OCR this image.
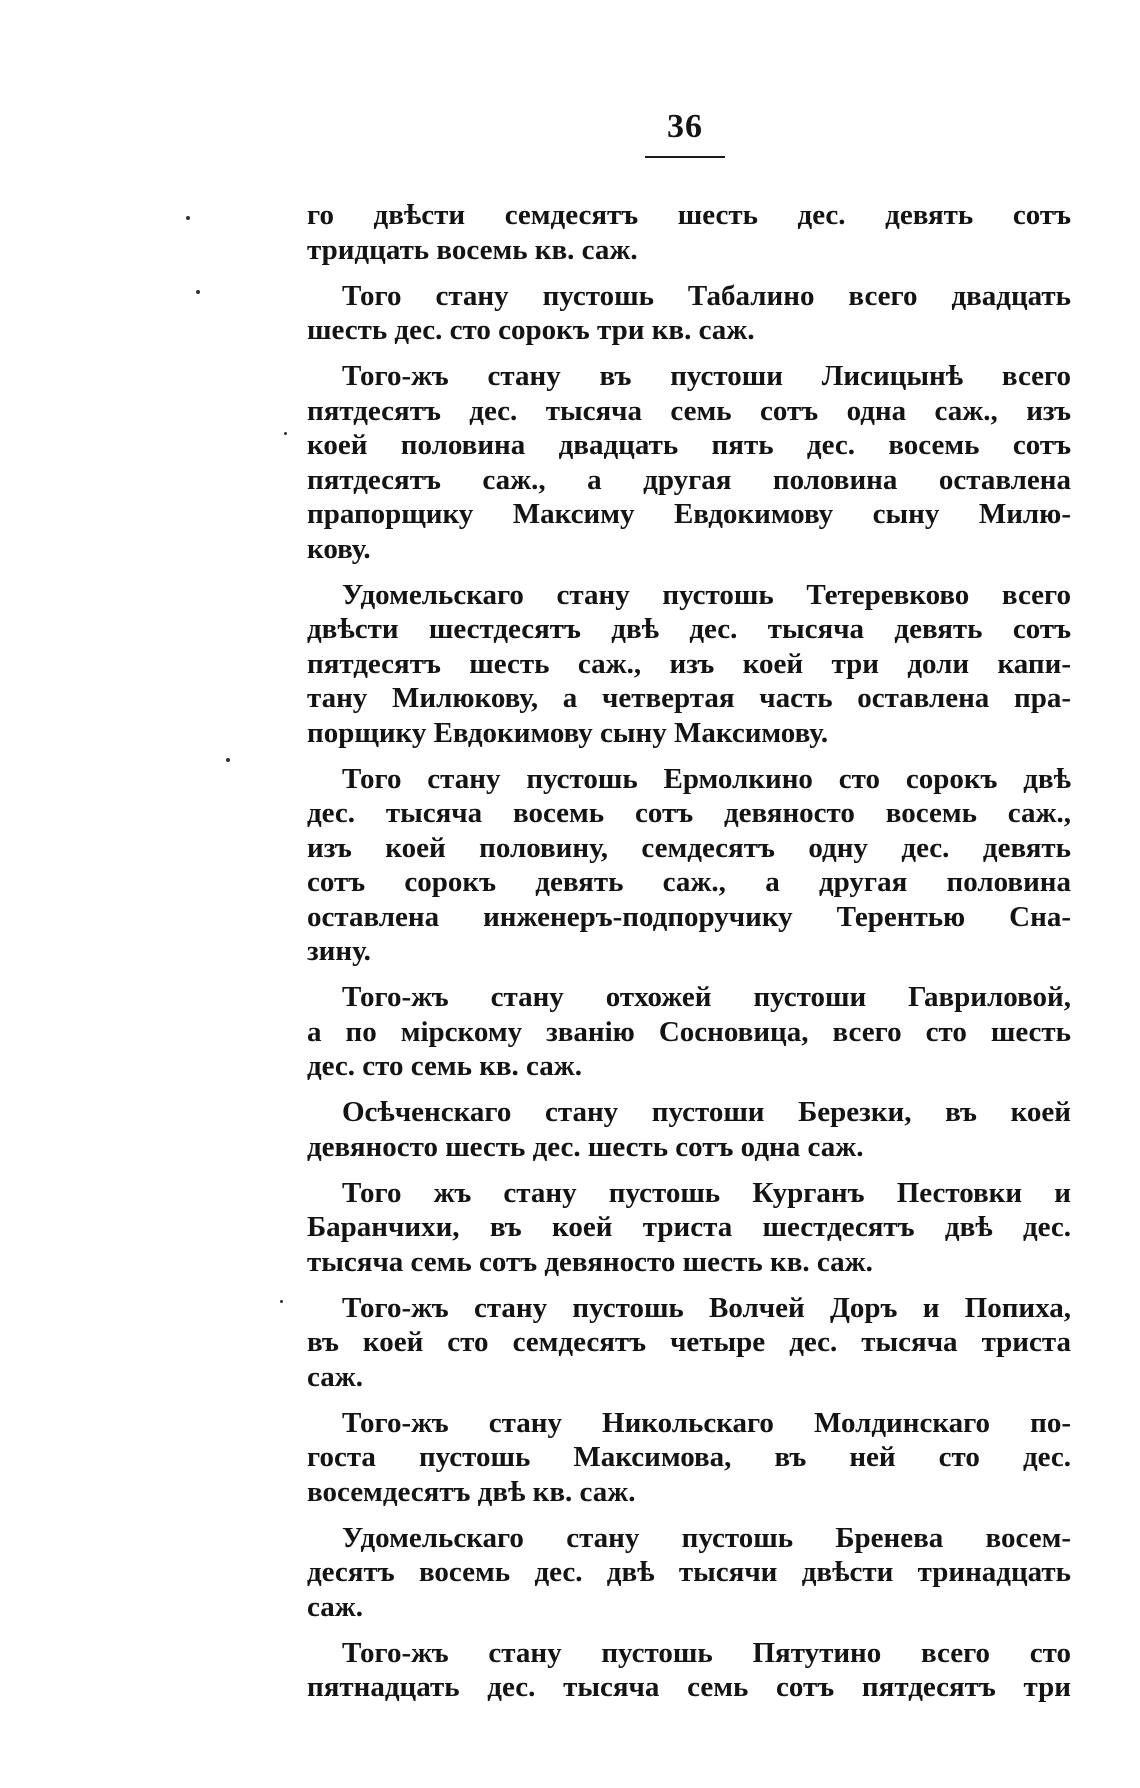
36
го двѣсти семдесятъ шесть дес. девять сотъ
тридцать восемь кв. саж.
Того стану пустошь Табалино всего двадцать
шесть дес. сто сорокъ три кв. саж.
Того-жъ стану въ пустоши Лисицынѣ всего
пятдесятъ дес. тысяча семь сотъ одна саж., изъ
коей половина двадцать пять дес. восемь сотъ
пятдесятъ саж., а другая половина оставлена
прапорщику Максиму Евдокимову сыну Милю-
кову.
Удомельскаго стану пустошь Тетеревково всего
двѣсти шестдесятъ двѣ дес. тысяча девять сотъ
пятдесятъ шесть саж., изъ коей три доли капи-
тану Милюкову, а четвертая часть оставлена пра-
порщику Евдокимову сыну Максимову.
Того стану пустошь Ермолкино сто сорокъ двѣ
дес. тысяча восемь сотъ девяносто восемь саж.,
изъ коей половину, семдесятъ одну дес. девять
сотъ сорокъ девять саж., а другая половина
оставлена инженеръ-подпоручику Терентью Сна-
зину.
Того-жъ стану отхожей пустоши Гавриловой,
а по мірскому званію Сосновица, всего сто шесть
дес. сто семь кв. саж.
Осѣченскаго стану пустоши Березки, въ коей
девяносто шесть дес. шесть сотъ одна саж.
Того жъ стану пустошь Курганъ Пестовки и
Баранчихи, въ коей триста шестдесятъ двѣ дес.
тысяча семь сотъ девяносто шесть кв. саж.
Того-жъ стану пустошь Волчей Доръ и Попиха,
въ коей сто семдесятъ четыре дес. тысяча триста
саж.
Того-жъ стану Никольскаго Молдинскаго по-
госта пустошь Максимова, въ ней сто дес.
восемдесятъ двѣ кв. саж.
Удомельскаго стану пустошь Бренева восем-
десятъ восемь дес. двѣ тысячи двѣсти тринадцать
саж.
Того-жъ стану пустошь Пятутино всего сто
пятнадцать дес. тысяча семь сотъ пятдесятъ три
